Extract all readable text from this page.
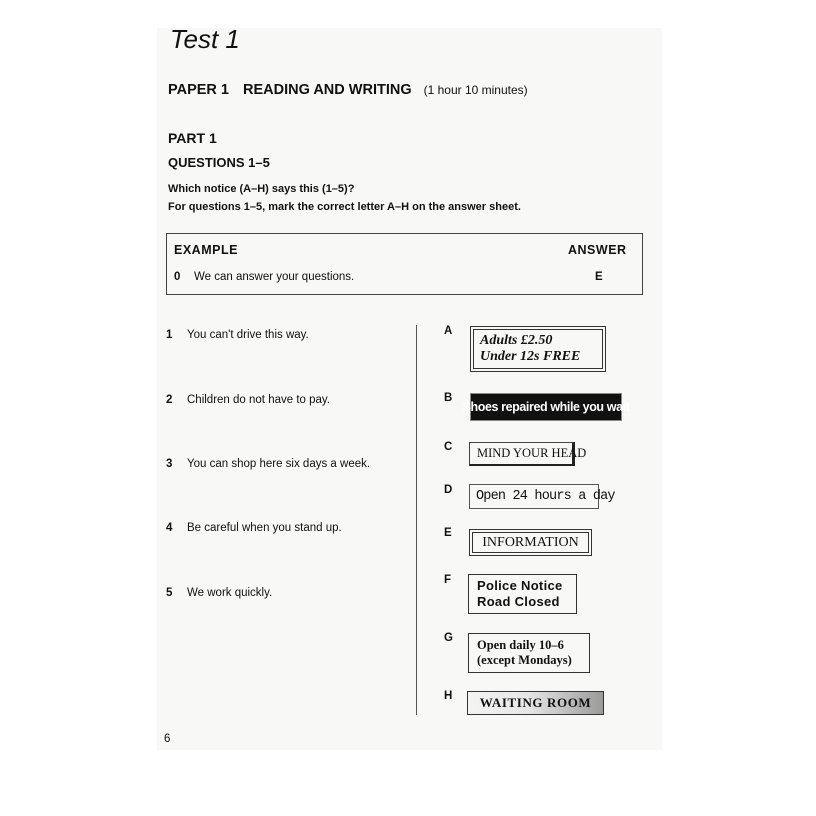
Test 1
PAPER 1 READING AND WRITING (1 hour 10 minutes)
PART 1
QUESTIONS 1–5
Which notice (A–H) says this (1–5)?
For questions 1–5, mark the correct letter A–H on the answer sheet.
EXAMPLE	ANSWER
0 We can answer your questions.	E
1 You can't drive this way.
2 Children do not have to pay.
3 You can shop here six days a week.
4 Be careful when you stand up.
5 We work quickly.
A
B
C
D
E
F
G
H
Adults £2.50
Under 12s FREE
Shoes repaired while you wait
MIND YOUR HEAD
Open 24 hours a day
INFORMATION
Police Notice
Road Closed
Open daily 10–6
(except Mondays)
WAITING ROOM
6
